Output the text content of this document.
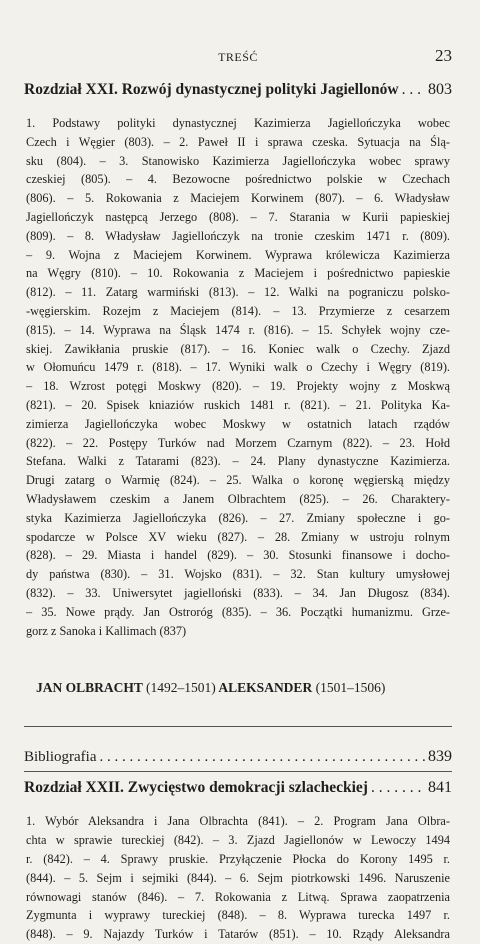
TREŚĆ	23
Rozdział XXI. Rozwój dynastycznej polityki Jagiellonów . . . 803
1. Podstawy polityki dynastycznej Kazimierza Jagiellończyka wobec
Czech i Węgier (803). – 2. Paweł II i sprawa czeska. Sytuacja na Ślą-
sku (804). – 3. Stanowisko Kazimierza Jagiellończyka wobec sprawy
czeskiej (805). – 4. Bezowocne pośrednictwo polskie w Czechach
(806). – 5. Rokowania z Maciejem Korwinem (807). – 6. Władysław
Jagiellończyk następcą Jerzego (808). – 7. Starania w Kurii papieskiej
(809). – 8. Władysław Jagiellończyk na tronie czeskim 1471 r. (809).
– 9. Wojna z Maciejem Korwinem. Wyprawa królewicza Kazimierza
na Węgry (810). – 10. Rokowania z Maciejem i pośrednictwo papieskie
(812). – 11. Zatarg warmiński (813). – 12. Walki na pograniczu polsko-
-węgierskim. Rozejm z Maciejem (814). – 13. Przymierze z cesarzem
(815). – 14. Wyprawa na Śląsk 1474 r. (816). – 15. Schyłek wojny cze-
skiej. Zawikłania pruskie (817). – 16. Koniec walk o Czechy. Zjazd
w Ołomuńcu 1479 r. (818). – 17. Wyniki walk o Czechy i Węgry (819).
– 18. Wzrost potęgi Moskwy (820). – 19. Projekty wojny z Moskwą
(821). – 20. Spisek kniaziów ruskich 1481 r. (821). – 21. Polityka Ka-
zimierza Jagiellończyka wobec Moskwy w ostatnich latach rządów
(822). – 22. Postępy Turków nad Morzem Czarnym (822). – 23. Hołd
Stefana. Walki z Tatarami (823). – 24. Plany dynastyczne Kazimierza.
Drugi zatarg o Warmię (824). – 25. Walka o koronę węgierską między
Władysławem czeskim a Janem Olbrachtem (825). – 26. Charaktery-
styka Kazimierza Jagiellończyka (826). – 27. Zmiany społeczne i go-
spodarcze w Polsce XV wieku (827). – 28. Zmiany w ustroju rolnym
(828). – 29. Miasta i handel (829). – 30. Stosunki finansowe i docho-
dy państwa (830). – 31. Wojsko (831). – 32. Stan kultury umysłowej
(832). – 33. Uniwersytet jagielloński (833). – 34. Jan Długosz (834).
– 35. Nowe prądy. Jan Ostroróg (835). – 36. Początki humanizmu. Grze-
gorz z Sanoka i Kallimach (837)
JAN OLBRACHT (1492–1501) ALEKSANDER (1501–1506)
Bibliografia . . .	839
Rozdział XXII. Zwycięstwo demokracji szlacheckiej . . .	841
1. Wybór Aleksandra i Jana Olbrachta (841). – 2. Program Jana Olbra-
chta w sprawie tureckiej (842). – 3. Zjazd Jagiellonów w Lewoczy 1494
r. (842). – 4. Sprawy pruskie. Przyłączenie Płocka do Korony 1495 r.
(844). – 5. Sejm i sejmiki (844). – 6. Sejm piotrkowski 1496. Naruszenie
równowagi stanów (846). – 7. Rokowania z Litwą. Sprawa zaopatrzenia
Zygmunta i wyprawy tureckiej (848). – 8. Wyprawa turecka 1497 r.
(848). – 9. Najazdy Turków i Tatarów (851). – 10. Rządy Aleksandra
